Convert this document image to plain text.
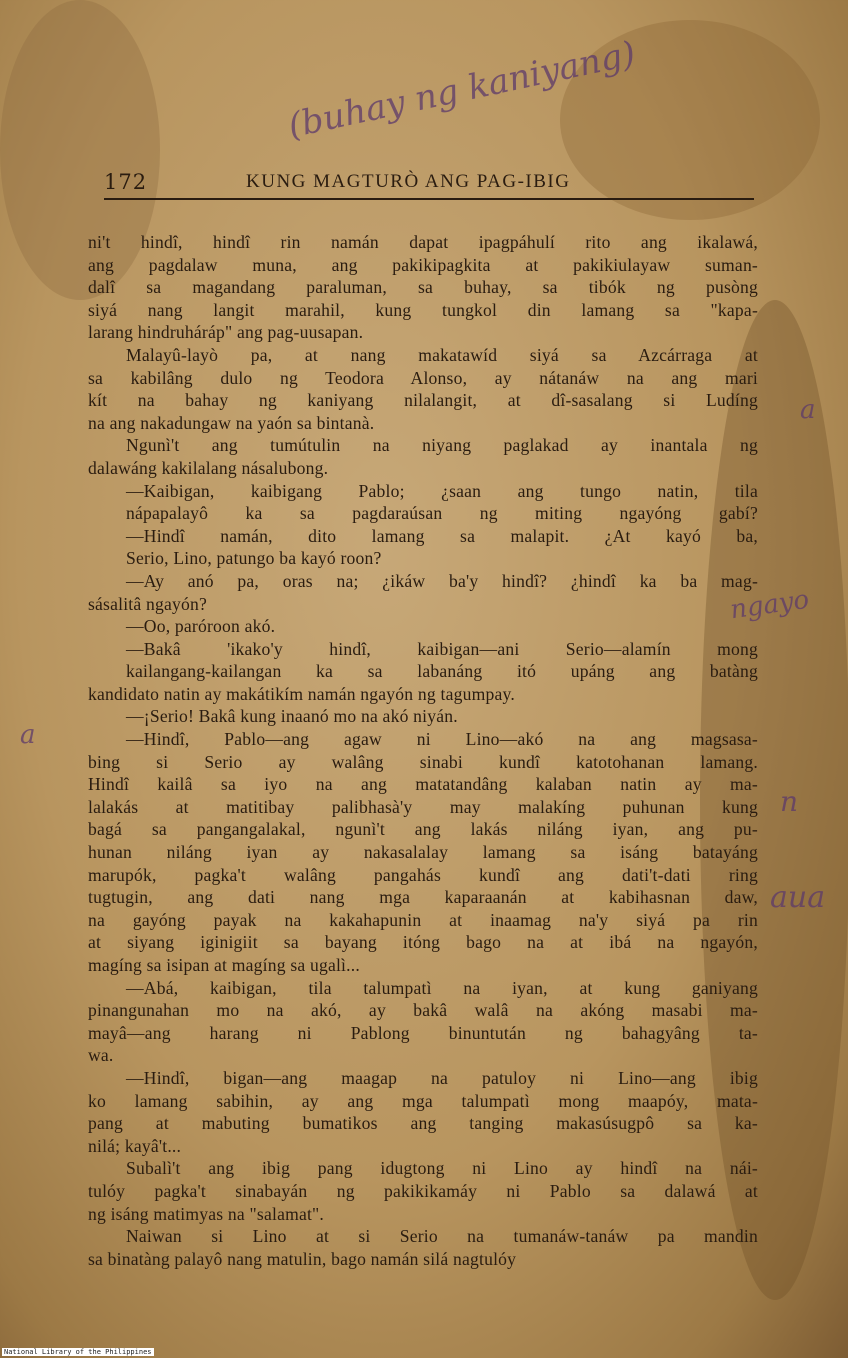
(buhay ng kaniyang)
172	KUNG MAGTURÒ ANG PAG-IBIG
ni't hindî, hindî rin namán dapat ipagpáhulí rito ang ikalawá,
ang pagdalaw muna, ang pakikipagkita at pakikiulayaw suman-
dalî sa magandang paraluman, sa buhay, sa tibók ng pusòng
siyá nang langit marahil, kung tungkol din lamang sa "kapa-
larang hindruháráp" ang pag-uusapan.
Malayû-layò pa, at nang makatawíd siyá sa Azcárraga at
sa kabilâng dulo ng Teodora Alonso, ay nátanáw na ang mari
kít na bahay ng kaniyang nilalangit, at dî-sasalang si Ludíng
na ang nakadungaw na yaón sa bintanà.
Ngunì't ang tumútulin na niyang paglakad ay inantala ng
dalawáng kakilalang násalubong.
—Kaibigan, kaibigang Pablo; ¿saan ang tungo natin, tila
nápapalayô ka sa pagdaraúsan ng miting ngayóng gabí?
—Hindî namán, dito lamang sa malapit. ¿At kayó ba,
Serio, Lino, patungo ba kayó roon?
—Ay anó pa, oras na; ¿ikáw ba'y hindî? ¿hindî ka ba mag-
sásalitâ ngayón?
—Oo, paróroon akó.
—Bakâ 'ikako'y hindî, kaibigan—ani Serio—alamín mong
kailangang-kailangan ka sa labanáng itó upáng ang batàng
kandidato natin ay makátikím namán ngayón ng tagumpay.
—¡Serio! Bakâ kung inaanó mo na akó niyán.
—Hindî, Pablo—ang agaw ni Lino—akó na ang magsasa-
bing si Serio ay walâng sinabi kundî katotohanan lamang.
Hindî kailâ sa iyo na ang matatandâng kalaban natin ay ma-
lalakás at matitibay palibhasà'y may malakíng puhunan kung
bagá sa pangangalakal, ngunì't ang lakás niláng iyan, ang pu-
hunan niláng iyan ay nakasalalay lamang sa isáng batayáng
marupók, pagka't walâng pangahás kundî ang dati't-dati ring
tugtugin, ang dati nang mga kaparaanán at kabihasnan daw,
na gayóng payak na kakahapunin at inaamag na'y siyá pa rin
at siyang iginigiit sa bayang itóng bago na at ibá na ngayón,
magíng sa isipan at magíng sa ugalì...
—Abá, kaibigan, tila talumpatì na iyan, at kung ganiyang
pinangunahan mo na akó, ay bakâ walâ na akóng masabi ma-
mayâ—ang harang ni Pablong binuntután ng bahagyâng ta-
wa.
—Hindî, bigan—ang maagap na patuloy ni Lino—ang ibig
ko lamang sabihin, ay ang mga talumpatì mong maapóy, mata-
pang at mabuting bumatikos ang tanging makasúsugpô sa ka-
nilá; kayâ't...
Subalì't ang ibig pang idugtong ni Lino ay hindî na nái-
tulóy pagka't sinabayán ng pakikikamáy ni Pablo sa dalawá at
ng isáng matimyas na "salamat".
Naiwan si Lino at si Serio na tumanáw-tanáw pa mandin
sa binatàng palayô nang matulin, bago namán silá nagtulóy
a
ngayo
n
aua
a
National Library of the Philippines
